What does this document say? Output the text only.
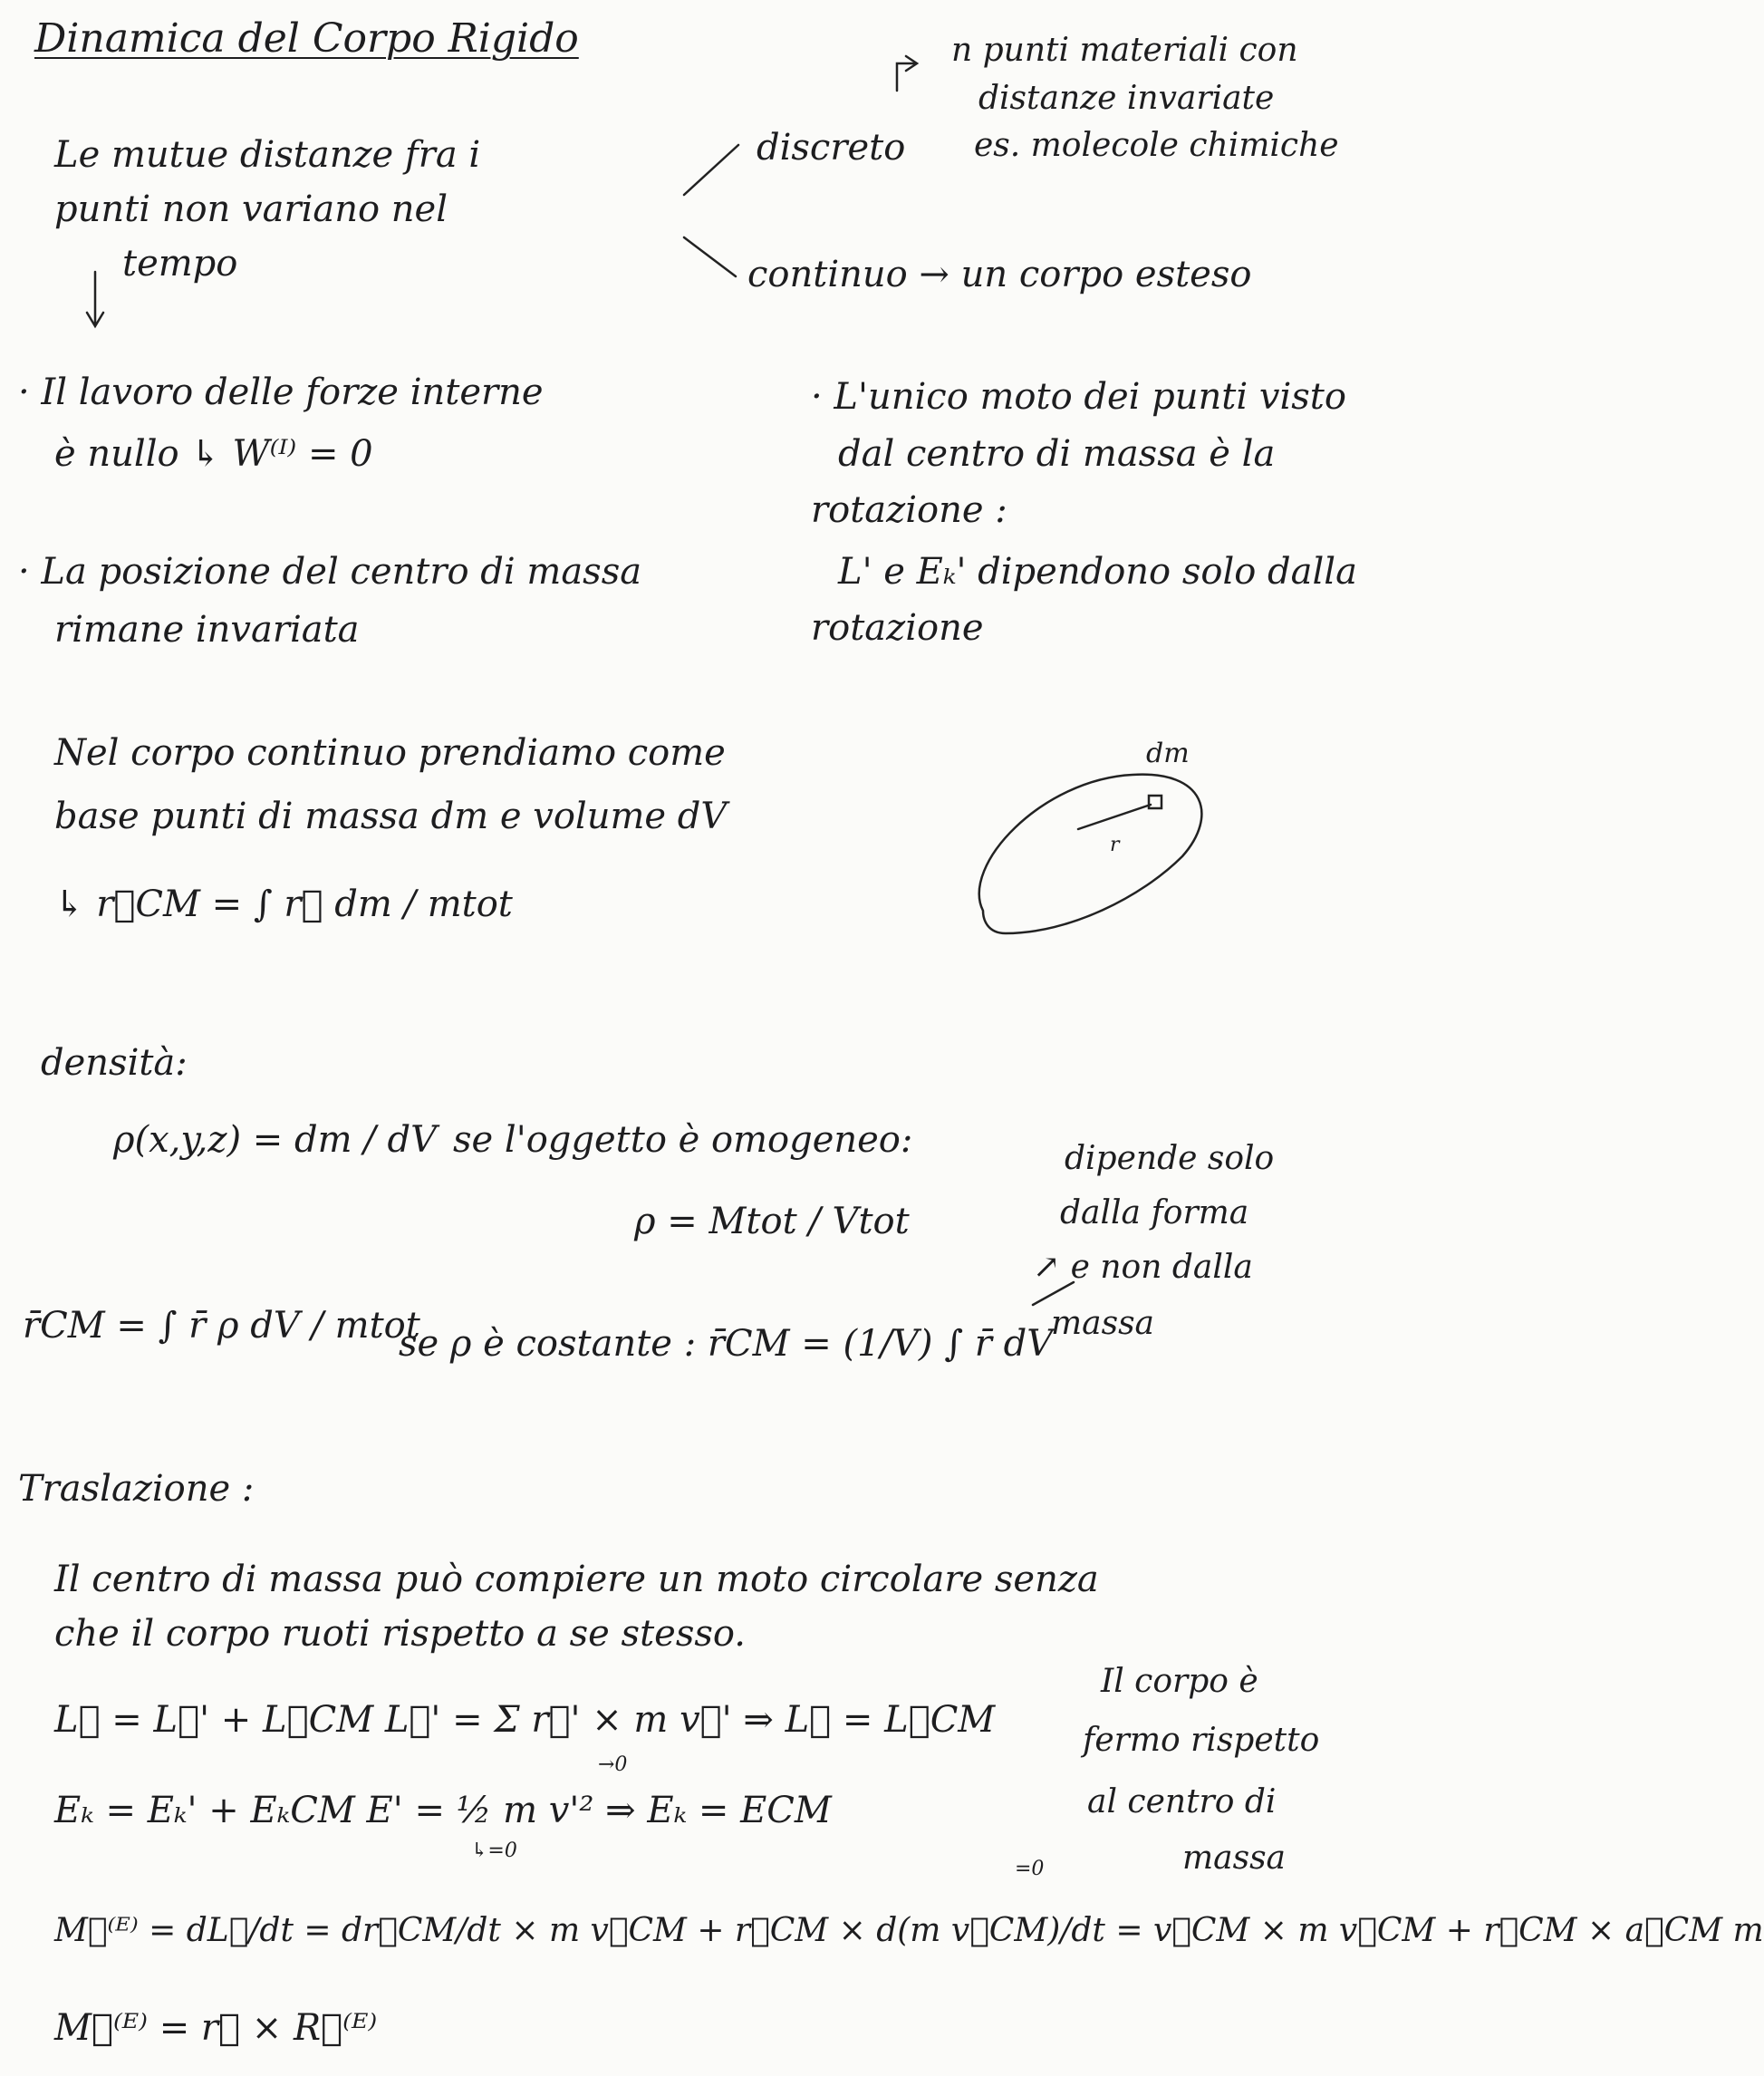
Dinamica del Corpo Rigido
Le mutue distanze fra i
punti non variano nel
tempo
discreto
n punti materiali con
distanze invariate
es. molecole chimiche
continuo → un corpo esteso
· Il lavoro delle forze interne
è nullo ↳ W⁽ᴵ⁾ = 0
· La posizione del centro di massa
rimane invariata
· L'unico moto dei punti visto
dal centro di massa è la
rotazione :
L' e Eₖ' dipendono solo dalla
rotazione
Nel corpo continuo prendiamo come
base punti di massa dm e volume dV
↳ r⃗CM = ∫ r⃗ dm / mtot
dm
r
densità:
ρ(x,y,z) = dm / dV se l'oggetto è omogeneo:
ρ = Mtot / Vtot
r̄CM = ∫ r̄ ρ dV / mtot
se ρ è costante : r̄CM = (1/V) ∫ r̄ dV
dipende solo
dalla forma
↗ e non dalla
massa
Traslazione :
Il centro di massa può compiere un moto circolare senza
che il corpo ruoti rispetto a se stesso.
L⃗ = L⃗' + L⃗CM L⃗' = Σ r⃗' × m v⃗' ⇒ L⃗ = L⃗CM
→0
Eₖ = Eₖ' + EₖCM E' = ½ m v'² ⇒ Eₖ = ECM
↳=0
Il corpo è
fermo rispetto
al centro di
massa
=0
M⃗⁽ᴱ⁾ = dL⃗/dt = dr⃗CM/dt × m v⃗CM + r⃗CM × d(m v⃗CM)/dt = v⃗CM × m v⃗CM + r⃗CM × a⃗CM m
M⃗⁽ᴱ⁾ = r⃗ × R⃗⁽ᴱ⁾
